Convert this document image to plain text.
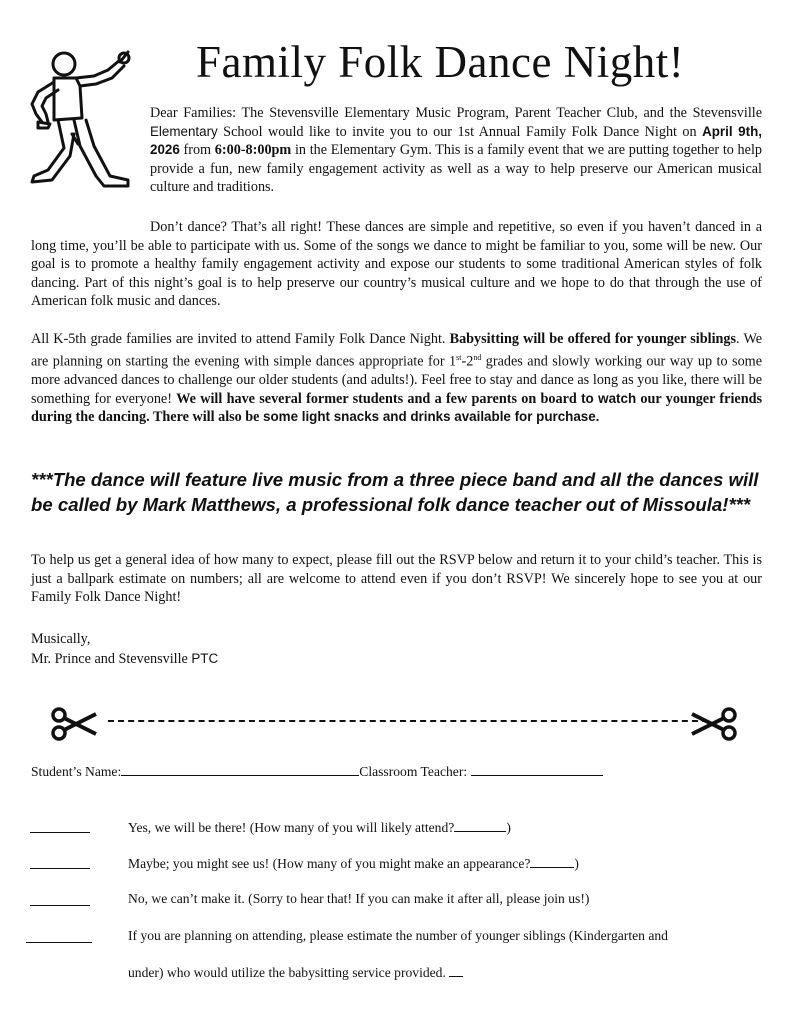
Family Folk Dance Night!
Dear Families: The Stevensville Elementary Music Program, Parent Teacher Club, and the Stevensville Elementary School would like to invite you to our 1st Annual Family Folk Dance Night on April 9th, 2026 from 6:00-8:00pm in the Elementary Gym. This is a family event that we are putting together to help provide a fun, new family engagement activity as well as a way to help preserve our American musical culture and traditions.
Don’t dance? That’s all right! These dances are simple and repetitive, so even if you haven’t danced in a long time, you’ll be able to participate with us. Some of the songs we dance to might be familiar to you, some will be new. Our goal is to promote a healthy family engagement activity and expose our students to some traditional American styles of folk dancing. Part of this night’s goal is to help preserve our country’s musical culture and we hope to do that through the use of American folk music and dances.
All K-5th grade families are invited to attend Family Folk Dance Night. Babysitting will be offered for younger siblings. We are planning on starting the evening with simple dances appropriate for 1st-2nd grades and slowly working our way up to some more advanced dances to challenge our older students (and adults!). Feel free to stay and dance as long as you like, there will be something for everyone! We will have several former students and a few parents on board to watch our younger friends during the dancing. There will also be some light snacks and drinks available for purchase.
***The dance will feature live music from a three piece band and all the dances will be called by Mark Matthews, a professional folk dance teacher out of Missoula!***
To help us get a general idea of how many to expect, please fill out the RSVP below and return it to your child’s teacher. This is just a ballpark estimate on numbers; all are welcome to attend even if you don’t RSVP! We sincerely hope to see you at our Family Folk Dance Night!
Musically,
Mr. Prince and Stevensville PTC
Student’s Name:	Classroom Teacher:
Yes, we will be there! (How many of you will likely attend?	)
Maybe; you might see us! (How many of you might make an appearance?	)
No, we can’t make it. (Sorry to hear that! If you can make it after all, please join us!)
If you are planning on attending, please estimate the number of younger siblings (Kindergarten and
under) who would utilize the babysitting service provided.
